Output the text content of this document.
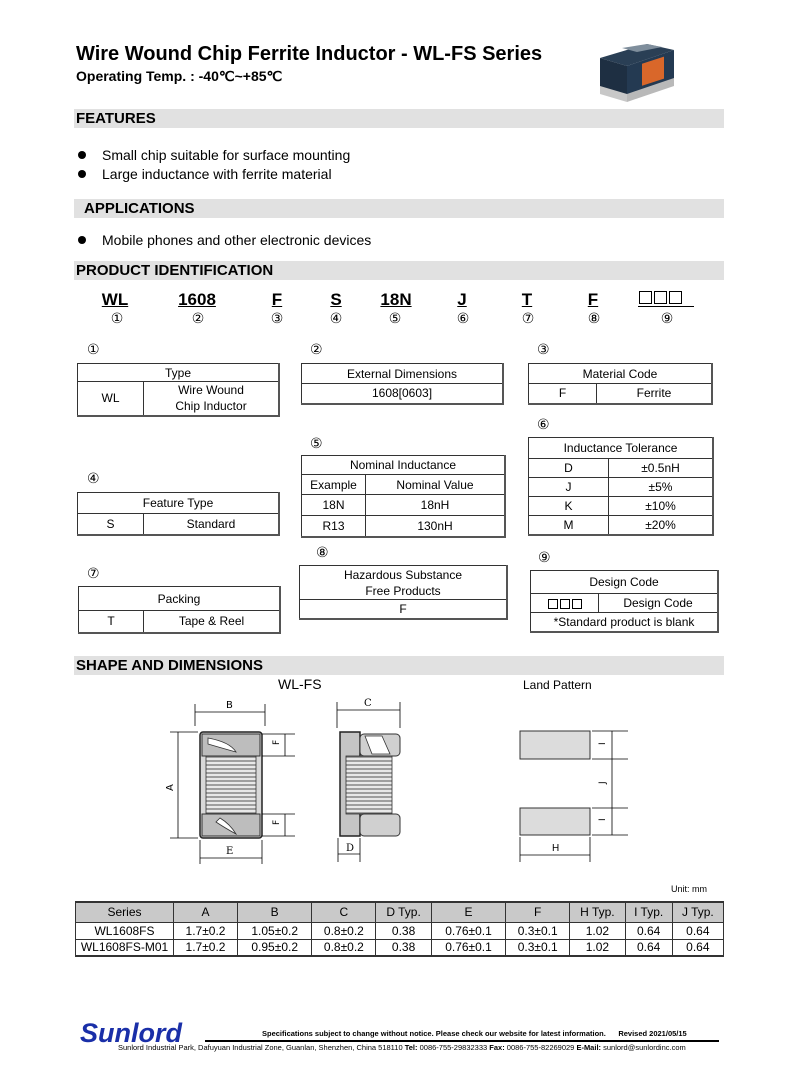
Wire Wound Chip Ferrite Inductor - WL-FS Series
Operating Temp. : -40℃~+85℃
FEATURES
Small chip suitable for surface mounting
Large inductance with ferrite material
APPLICATIONS
Mobile phones and other electronic devices
PRODUCT IDENTIFICATION
WL	1608	F	S	18N	J	T	F
①	②	③	④	⑤	⑥	⑦	⑧	⑨
①
Type
WL	Wire Wound Chip Inductor
②
External Dimensions
1608[0603]
③
Material Code
F	Ferrite
⑥
Inductance Tolerance	
D	±0.5nH
J	±5%
K	±10%
M	±20%
⑤
Nominal Inductance	
Example	Nominal Value
18N	18nH
R13	130nH
④
Feature Type
S	Standard
⑧
Hazardous Substance
Free Products
F
⑨
Design Code
	Design Code
*Standard product is blank
⑦
Packing
T	Tape & Reel
SHAPE AND DIMENSIONS
WL-FS	Land Pattern
B
A
F
F
E
C
D
I
J
I
H
Unit: mm
Series	A	B	C	D Typ.	E	F	H Typ.	I Typ.	J Typ.
WL1608FS	1.7±0.2	1.05±0.2	0.8±0.2	0.38	0.76±0.1	0.3±0.1	1.02	0.64	0.64
WL1608FS-M01	1.7±0.2	0.95±0.2	0.8±0.2	0.38	0.76±0.1	0.3±0.1	1.02	0.64	0.64
Sunlord	Specifications subject to change without notice. Please check our website for latest information.      Revised 2021/05/15
Sunlord Industrial Park, Dafuyuan Industrial Zone, Guanlan, Shenzhen, China 518110 Tel: 0086-755-29832333 Fax: 0086-755-82269029 E-Mail: sunlord@sunlordinc.com
